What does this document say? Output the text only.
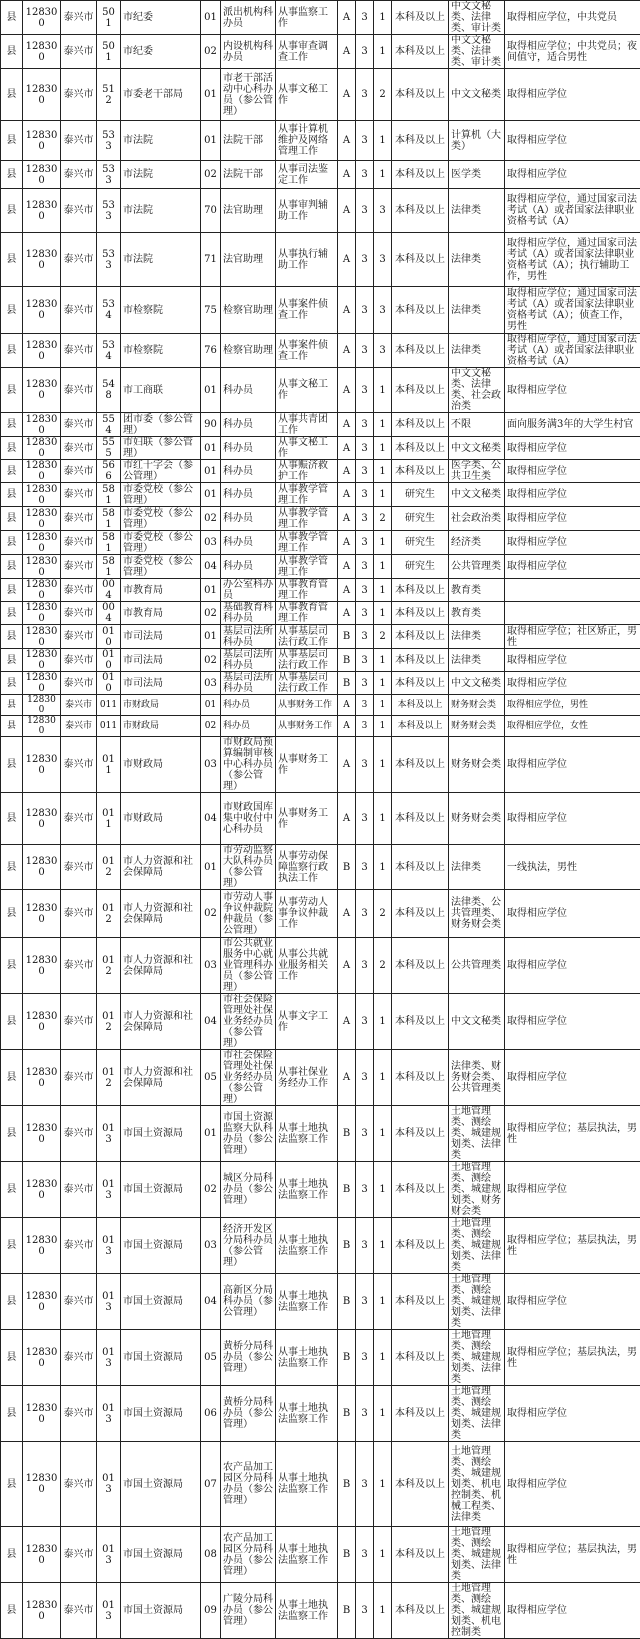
县	128300	泰兴市	501	市纪委	01	派出机构科办员	从事监察工作	A	3	1	本科及以上	中文文秘类、法律类、审计类	取得相应学位，中共党员
县	128300	泰兴市	501	市纪委	02	内设机构科办员	从事审查调查工作	A	3	1	本科及以上	中文文秘类、法律类、审计类	取得相应学位；中共党员；夜间值守，适合男性
县	128300	泰兴市	512	市委老干部局	01	市老干部活动中心科办员（参公管理）	从事文秘工作	A	3	2	本科及以上	中文文秘类	取得相应学位
县	128300	泰兴市	533	市法院	01	法院干部	从事计算机维护及网络管理工作	A	3	1	本科及以上	计算机（大类）	取得相应学位
县	128300	泰兴市	533	市法院	02	法院干部	从事司法鉴定工作	A	3	1	本科及以上	医学类	取得相应学位
县	128300	泰兴市	533	市法院	70	法官助理	从事审判辅助工作	A	3	3	本科及以上	法律类	取得相应学位，通过国家司法考试（A）或者国家法律职业资格考试（A）
县	128300	泰兴市	533	市法院	71	法官助理	从事执行辅助工作	A	3	3	本科及以上	法律类	取得相应学位，通过国家司法考试（A）或者国家法律职业资格考试（A）；执行辅助工作，男性
县	128300	泰兴市	534	市检察院	75	检察官助理	从事案件侦查工作	A	3	3	本科及以上	法律类	取得相应学位；通过国家司法考试（A）或者国家法律职业资格考试（A）；侦查工作，男性
县	128300	泰兴市	534	市检察院	76	检察官助理	从事案件侦查工作	A	3	3	本科及以上	法律类	取得相应学位，通过国家司法考试（A）或者国家法律职业资格考试（A）
县	128300	泰兴市	548	市工商联	01	科办员	从事文秘工作	A	3	1	本科及以上	中文文秘类、法律类、社会政治类	取得相应学位
县	128300	泰兴市	554	团市委（参公管理）	90	科办员	从事共青团工作	A	3	1	本科及以上	不限	面向服务满3年的大学生村官
县	128300	泰兴市	555	市妇联（参公管理）	01	科办员	从事文秘工作	A	3	1	本科及以上	中文文秘类	取得相应学位
县	128300	泰兴市	566	市红十字会（参公管理）	01	科办员	从事赈济救护工作	A	3	1	本科及以上	医学类、公共卫生类	取得相应学位
县	128300	泰兴市	581	市委党校（参公管理）	01	科办员	从事教学管理工作	A	3	1	研究生	中文文秘类	取得相应学位
县	128300	泰兴市	581	市委党校（参公管理）	02	科办员	从事教学管理工作	A	3	2	研究生	社会政治类	取得相应学位
县	128300	泰兴市	581	市委党校（参公管理）	03	科办员	从事教学管理工作	A	3	1	研究生	经济类	取得相应学位
县	128300	泰兴市	581	市委党校（参公管理）	04	科办员	从事教学管理工作	A	3	1	研究生	公共管理类	取得相应学位
县	128300	泰兴市	004	市教育局	01	办公室科办员	从事教育管理工作	A	3	1	本科及以上	教育类	
县	128300	泰兴市	004	市教育局	02	基础教育科科办员	从事教育管理工作	A	3	1	本科及以上	教育类	
县	128300	泰兴市	010	市司法局	01	基层司法所科办员	从事基层司法行政工作	B	3	2	本科及以上	法律类	取得相应学位；社区矫正，男性
县	128300	泰兴市	010	市司法局	02	基层司法所科办员	从事基层司法行政工作	B	3	1	本科及以上	法律类	取得相应学位
县	128300	泰兴市	010	市司法局	03	基层司法所科办员	从事基层司法行政工作	B	3	1	本科及以上	中文文秘类	取得相应学位
县	128300	泰兴市	011	市财政局	01	科办员	从事财务工作	A	3	1	本科及以上	财务财会类	取得相应学位，男性
县	128300	泰兴市	011	市财政局	02	科办员	从事财务工作	A	3	1	本科及以上	财务财会类	取得相应学位，女性
县	128300	泰兴市	011	市财政局	03	市财政局预算编制审核中心科办员（参公管理）	从事财务工作	A	3	1	本科及以上	财务财会类	取得相应学位
县	128300	泰兴市	011	市财政局	04	市财政国库集中收付中心科办员	从事财务工作	A	3	1	本科及以上	财务财会类	取得相应学位
县	128300	泰兴市	012	市人力资源和社会保障局	01	市劳动监察大队科办员（参公管理）	从事劳动保障监察行政执法工作	B	3	1	本科及以上	法律类	一线执法，男性
县	128300	泰兴市	012	市人力资源和社会保障局	02	市劳动人事争议仲裁院仲裁员（参公管理）	从事劳动人事争议仲裁工作	A	3	2	本科及以上	法律类、公共管理类、财务财会类	取得相应学位
县	128300	泰兴市	012	市人力资源和社会保障局	03	市公共就业服务中心就业管理科办员（参公管理）	从事公共就业服务相关工作	A	3	2	本科及以上	公共管理类	取得相应学位
县	128300	泰兴市	012	市人力资源和社会保障局	04	市社会保险管理处社保业务经办员（参公管理）	从事文字工作	A	3	1	本科及以上	中文文秘类	取得相应学位
县	128300	泰兴市	012	市人力资源和社会保障局	05	市社会保险管理处社保业务经办员（参公管理）	从事社保业务经办工作	A	3	1	本科及以上	法律类、财务财会类、公共管理类	取得相应学位
县	128300	泰兴市	013	市国土资源局	01	市国土资源监察大队科办员（参公管理）	从事土地执法监察工作	B	3	1	本科及以上	土地管理类、测绘类、城建规划类、法律类	取得相应学位；基层执法，男性
县	128300	泰兴市	013	市国土资源局	02	城区分局科办员（参公管理）	从事土地执法监察工作	B	3	1	本科及以上	土地管理类、测绘类、城建规划类、财务财会类	取得相应学位
县	128300	泰兴市	013	市国土资源局	03	经济开发区分局科办员（参公管理）	从事土地执法监察工作	B	3	1	本科及以上	土地管理类、测绘类、城建规划类、法律类	取得相应学位；基层执法，男性
县	128300	泰兴市	013	市国土资源局	04	高新区分局科办员（参公管理）	从事土地执法监察工作	B	3	1	本科及以上	土地管理类、测绘类、城建规划类、法律类	取得相应学位
县	128300	泰兴市	013	市国土资源局	05	黄桥分局科办员（参公管理）	从事土地执法监察工作	B	3	1	本科及以上	土地管理类、测绘类、城建规划类、法律类	取得相应学位；基层执法，男性
县	128300	泰兴市	013	市国土资源局	06	黄桥分局科办员（参公管理）	从事土地执法监察工作	B	3	1	本科及以上	土地管理类、测绘类、城建规划类、法律类	取得相应学位
县	128300	泰兴市	013	市国土资源局	07	农产品加工园区分局科办员（参公管理）	从事土地执法监察工作	B	3	1	本科及以上	土地管理类、测绘类、城建规划类、机电控制类、机械工程类、法律类	取得相应学位
县	128300	泰兴市	013	市国土资源局	08	农产品加工园区分局科办员（参公管理）	从事土地执法监察工作	B	3	1	本科及以上	土地管理类、测绘类、城建规划类、法律类	取得相应学位；基层执法，男性
县	128300	泰兴市	013	市国土资源局	09	广陵分局科办员（参公管理）	从事土地执法监察工作	B	3	1	本科及以上	土地管理类、测绘类、城建规划类、机电控制类	取得相应学位
